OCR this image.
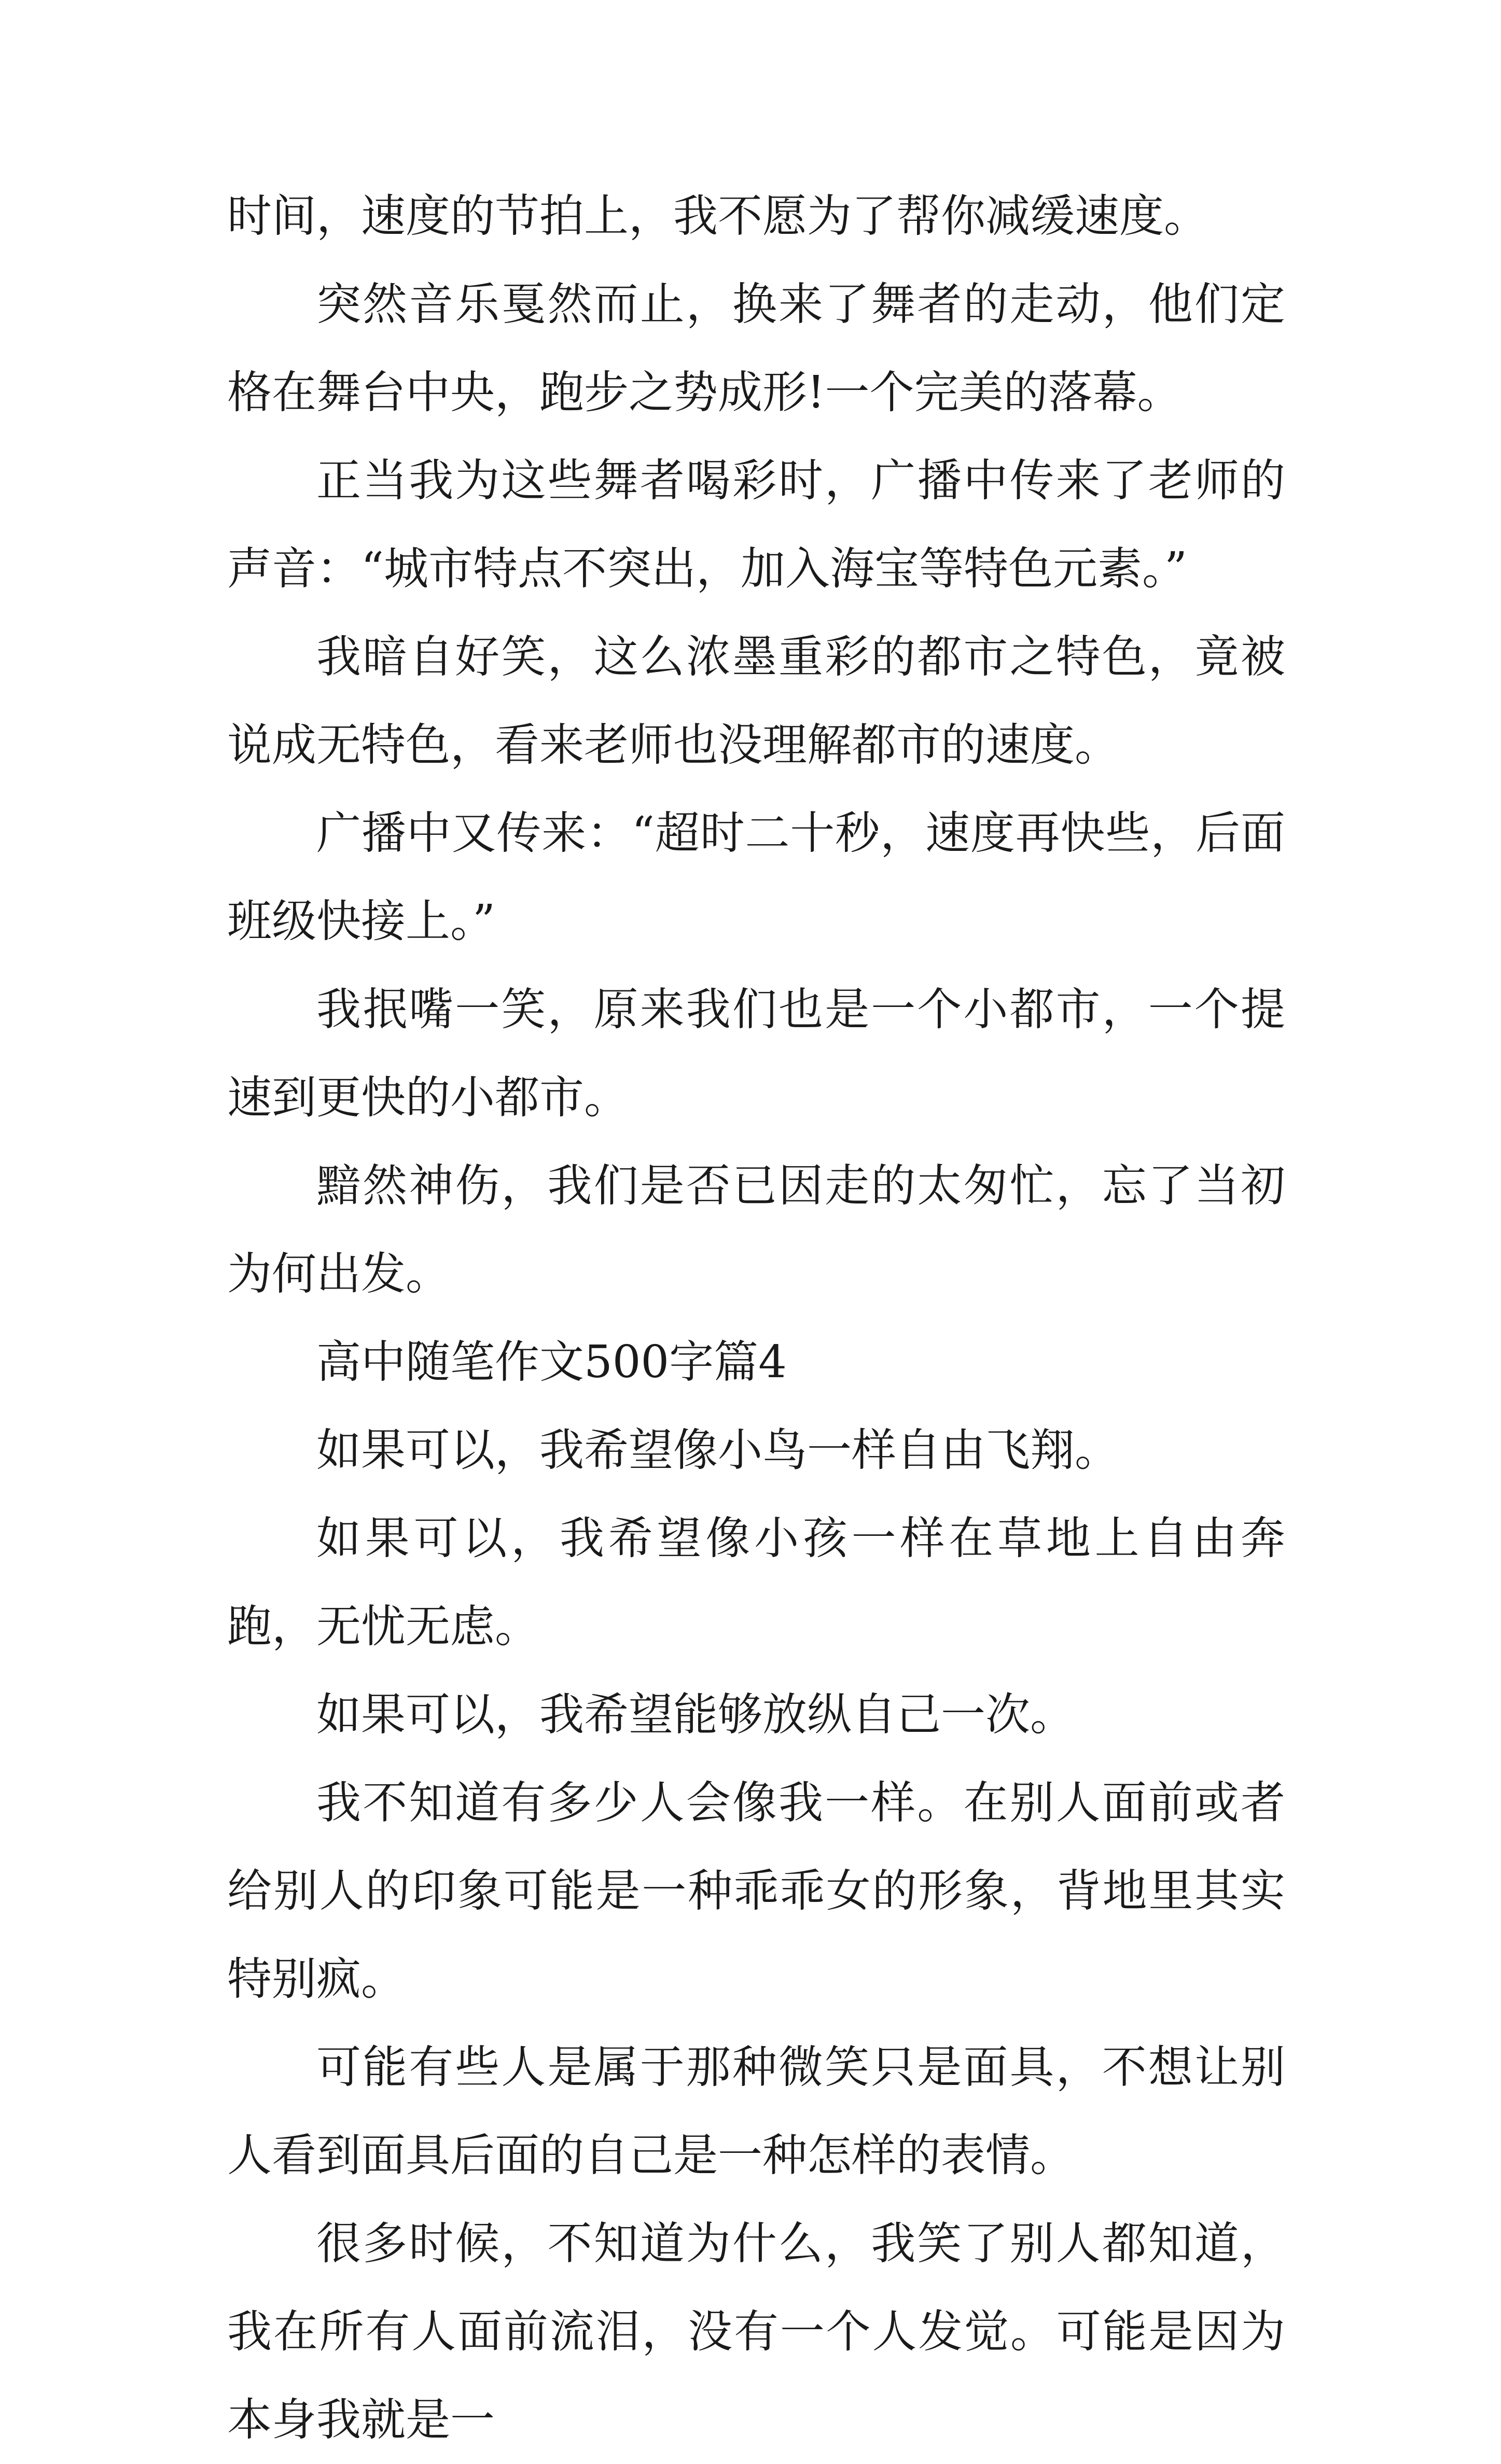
时间，速度的节拍上，我不愿为了帮你减缓速度。

突然音乐戛然而止，换来了舞者的走动，他们定格在舞台中央，跑步之势成形!一个完美的落幕。

正当我为这些舞者喝彩时，广播中传来了老师的声音：“城市特点不突出，加入海宝等特色元素。”

我暗自好笑，这么浓墨重彩的都市之特色，竟被说成无特色，看来老师也没理解都市的速度。

广播中又传来：“超时二十秒，速度再快些，后面班级快接上。”

我抿嘴一笑，原来我们也是一个小都市，一个提速到更快的小都市。

黯然神伤，我们是否已因走的太匆忙，忘了当初为何出发。

高中随笔作文500字篇4

如果可以，我希望像小鸟一样自由飞翔。

如果可以，我希望像小孩一样在草地上自由奔跑，无忧无虑。

如果可以，我希望能够放纵自己一次。

我不知道有多少人会像我一样。在别人面前或者给别人的印象可能是一种乖乖女的形象，背地里其实特别疯。

可能有些人是属于那种微笑只是面具，不想让别人看到面具后面的自己是一种怎样的表情。

很多时候，不知道为什么，我笑了别人都知道，我在所有人面前流泪，没有一个人发觉。可能是因为本身我就是一
